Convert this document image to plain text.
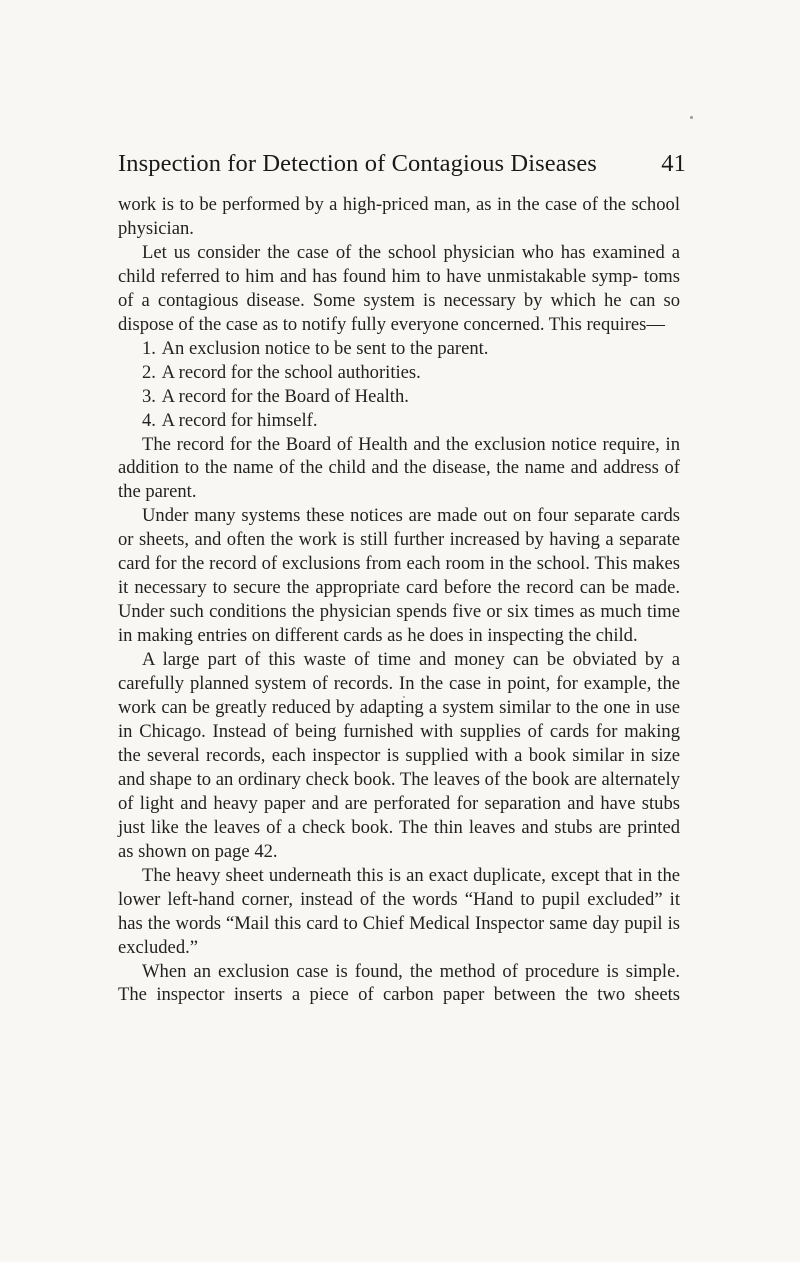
Inspection for Detection of Contagious Diseases	41

work is to be performed by a high-priced man, as in the case of the school physician.

Let us consider the case of the school physician who has examined a child referred to him and has found him to have unmistakable symp- toms of a contagious disease. Some system is necessary by which he can so dispose of the case as to notify fully everyone concerned. This requires—

1. An exclusion notice to be sent to the parent.
2. A record for the school authorities.
3. A record for the Board of Health.
4. A record for himself.

The record for the Board of Health and the exclusion notice require, in addition to the name of the child and the disease, the name and address of the parent.

Under many systems these notices are made out on four separate cards or sheets, and often the work is still further increased by having a separate card for the record of exclusions from each room in the school. This makes it necessary to secure the appropriate card before the record can be made. Under such conditions the physician spends five or six times as much time in making entries on different cards as he does in inspecting the child.

A large part of this waste of time and money can be obviated by a carefully planned system of records. In the case in point, for example, the work can be greatly reduced by adapting a system similar to the one in use in Chicago. Instead of being furnished with supplies of cards for making the several records, each inspector is supplied with a book similar in size and shape to an ordinary check book. The leaves of the book are alternately of light and heavy paper and are perforated for separation and have stubs just like the leaves of a check book. The thin leaves and stubs are printed as shown on page 42.

The heavy sheet underneath this is an exact duplicate, except that in the lower left-hand corner, instead of the words “Hand to pupil excluded” it has the words “Mail this card to Chief Medical Inspector same day pupil is excluded.”

When an exclusion case is found, the method of procedure is simple. The inspector inserts a piece of carbon paper between the two sheets
